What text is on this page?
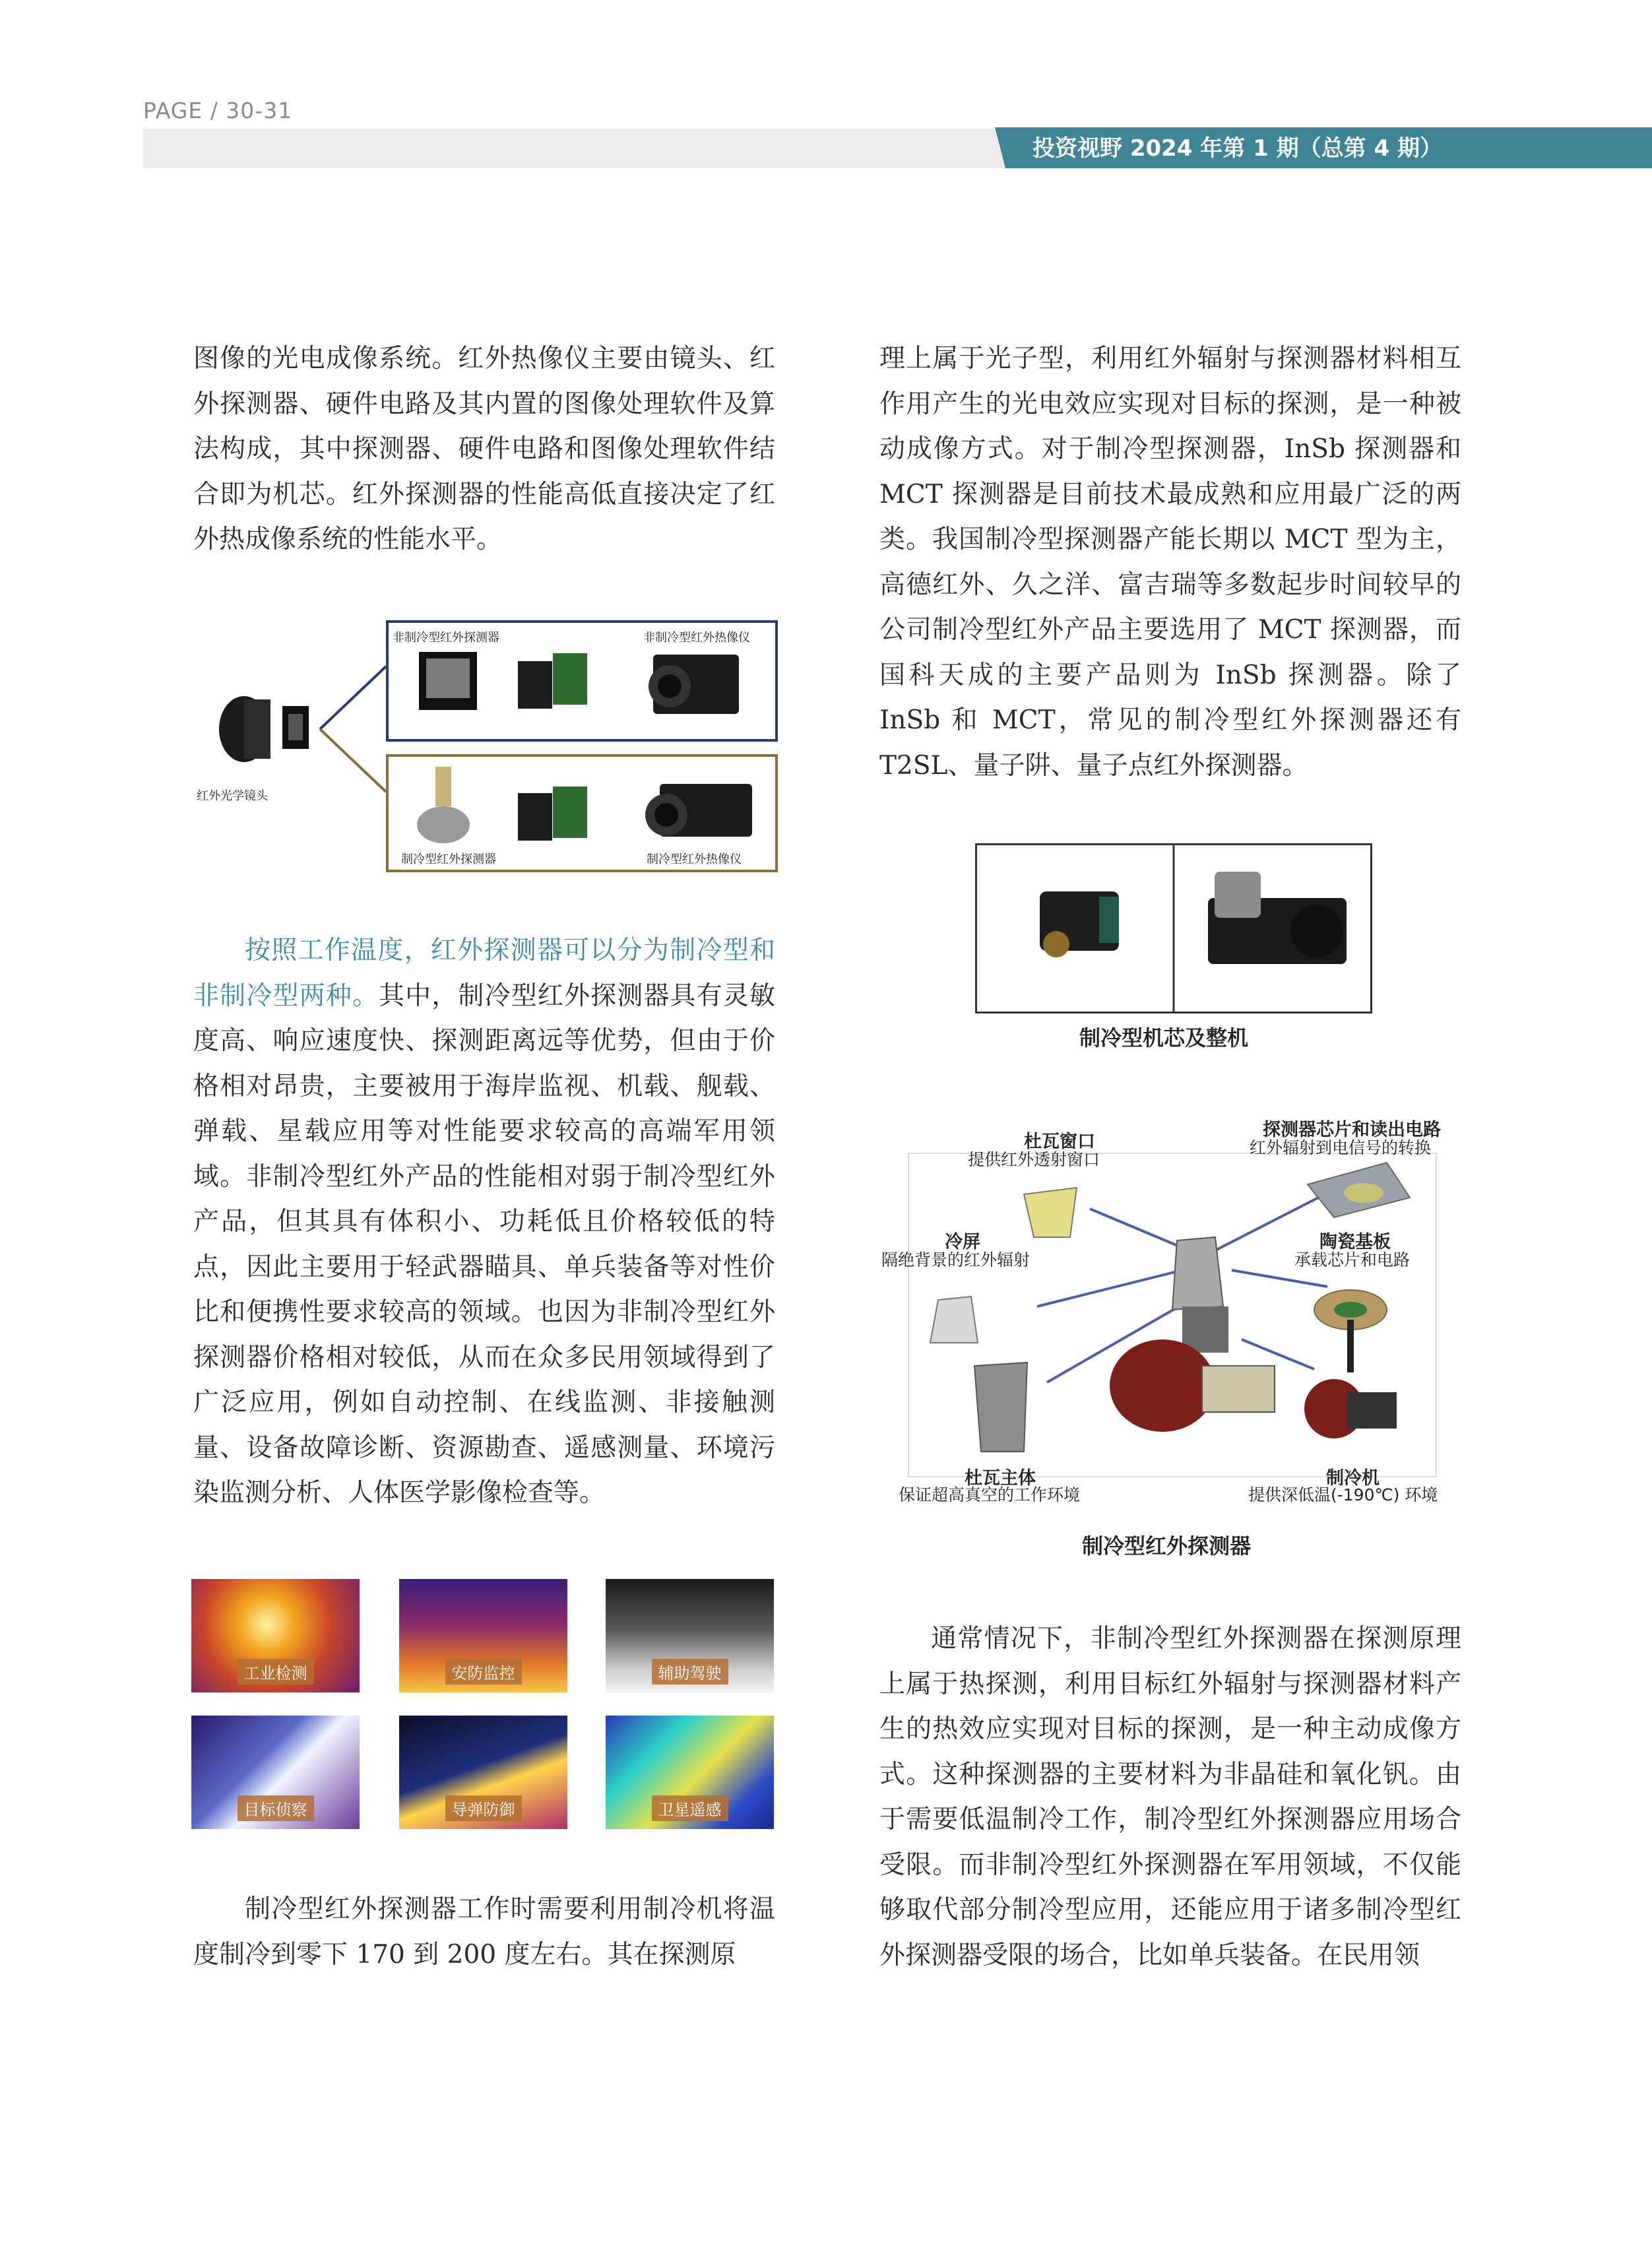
PAGE / 30-31
投资视野 2024 年第 1 期（总第 4 期）

图像的光电成像系统。红外热像仪主要由镜头、红外探测器、硬件电路及其内置的图像处理软件及算法构成，其中探测器、硬件电路和图像处理软件结合即为机芯。红外探测器的性能高低直接决定了红外热成像系统的性能水平。

红外光学镜头
非制冷型红外探测器	非制冷型红外热像仪
制冷型红外探测器	制冷型红外热像仪

按照工作温度，红外探测器可以分为制冷型和非制冷型两种。其中，制冷型红外探测器具有灵敏度高、响应速度快、探测距离远等优势，但由于价格相对昂贵，主要被用于海岸监视、机载、舰载、弹载、星载应用等对性能要求较高的高端军用领域。非制冷型红外产品的性能相对弱于制冷型红外产品，但其具有体积小、功耗低且价格较低的特点，因此主要用于轻武器瞄具、单兵装备等对性价比和便携性要求较高的领域。也因为非制冷型红外探测器价格相对较低，从而在众多民用领域得到了广泛应用，例如自动控制、在线监测、非接触测量、设备故障诊断、资源勘查、遥感测量、环境污染监测分析、人体医学影像检查等。

工业检测	安防监控	辅助驾驶
目标侦察	导弹防御	卫星遥感

制冷型红外探测器工作时需要利用制冷机将温度制冷到零下 170 到 200 度左右。其在探测原

理上属于光子型，利用红外辐射与探测器材料相互作用产生的光电效应实现对目标的探测，是一种被动成像方式。对于制冷型探测器，InSb 探测器和 MCT 探测器是目前技术最成熟和应用最广泛的两类。我国制冷型探测器产能长期以 MCT 型为主，高德红外、久之洋、富吉瑞等多数起步时间较早的公司制冷型红外产品主要选用了 MCT 探测器，而国科天成的主要产品则为 InSb 探测器。除了 InSb 和 MCT，常见的制冷型红外探测器还有 T2SL、量子阱、量子点红外探测器。

制冷型机芯及整机
杜瓦窗口
提供红外透射窗口
探测器芯片和读出电路
红外辐射到电信号的转换
冷屏
隔绝背景的红外辐射
陶瓷基板
承载芯片和电路
杜瓦主体
保证超高真空的工作环境
制冷机
提供深低温(-190℃) 环境
制冷型红外探测器

通常情况下，非制冷型红外探测器在探测原理上属于热探测，利用目标红外辐射与探测器材料产生的热效应实现对目标的探测，是一种主动成像方式。这种探测器的主要材料为非晶硅和氧化钒。由于需要低温制冷工作，制冷型红外探测器应用场合受限。而非制冷型红外探测器在军用领域，不仅能够取代部分制冷型应用，还能应用于诸多制冷型红外探测器受限的场合，比如单兵装备。在民用领
